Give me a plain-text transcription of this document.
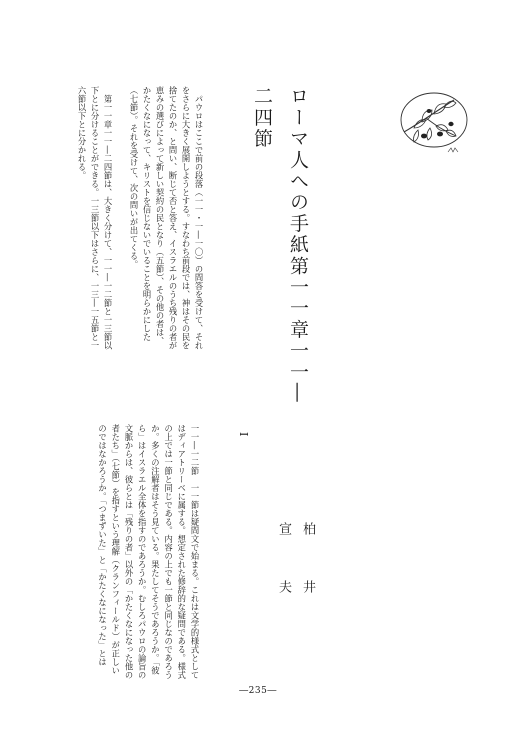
ローマ人への手紙第一一章一一―二四節
柏　井　宣　夫

　パウロはここで前の段落（一一・一―一〇）の問答を受けて、それをさらに大きく展開しようとする。すなわち前段では、神はその民を捨てたのか、と問い、断じて否と答え、イスラエルのうち残りの者が恵みの選びによって新しい契約の民となり（五節）、その他の者は、かたくなになって、キリストを信じないでいることを明らかにした（七節）。それを受けて、次の問いが出てくる。

　第一一章一一―二四節は、大きく分けて、一一―一二節と一三節以下とに分けることができる。一三節以下はさらに、一三―一五節と一六節以下とに分かれる。

I
一一―一二節　一一節は疑問文で始まる。これは文学的様式としてはディアトリーベに属する。想定された修辞的な疑問である。様式の上では一節と同じである。内容の上でも一節と同じなのであろうか。多くの注解者はそう見ている。果たしてそうであろうか。「彼ら」はイスラエル全体を指すのであろうか。むしろパウロの論旨の文脈からは、彼らとは「残りの者」以外の「かたくなになった他の者たち」（七節）を指すという理解（クランフィールド）が正しいのではなかろうか。「つまずいた」と「かたくなになった」とは
―235―
